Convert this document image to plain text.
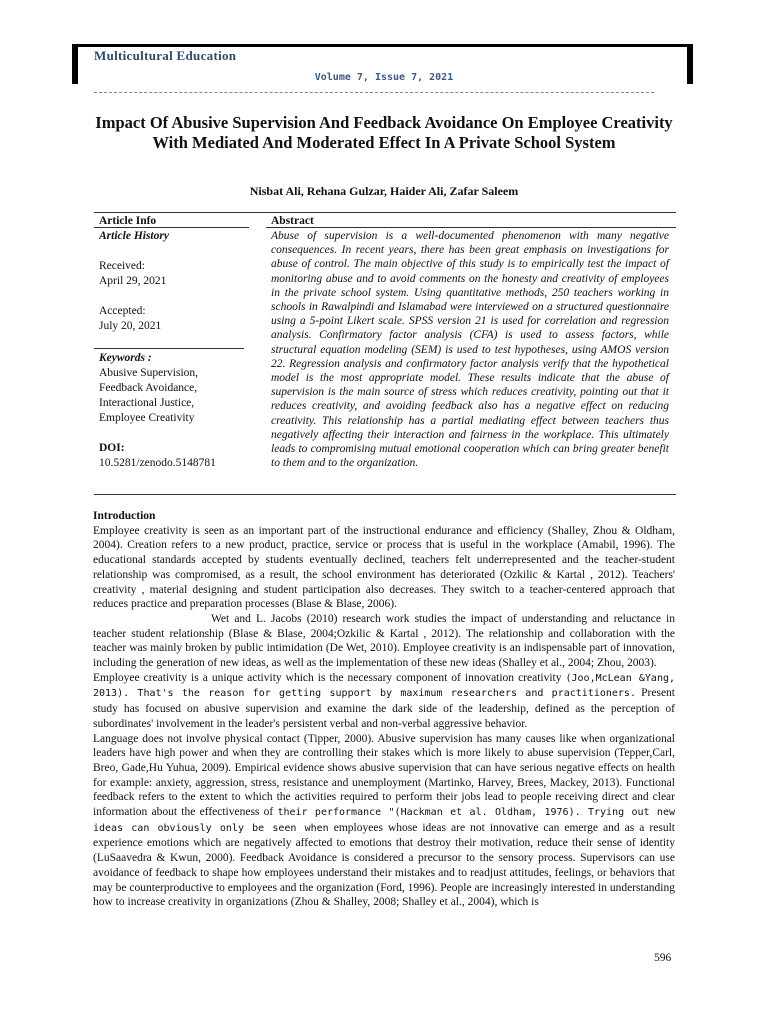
Multicultural Education
Volume 7, Issue 7, 2021
Impact Of Abusive Supervision And Feedback Avoidance On Employee Creativity With Mediated And Moderated Effect In A Private School System
Nisbat Ali, Rehana Gulzar, Haider Ali, Zafar Saleem
Article Info
Article History
Received:
April 29, 2021
Accepted:
July 20, 2021
Keywords :
Abusive Supervision,
Feedback Avoidance,
Interactional Justice,
Employee Creativity
DOI:
10.5281/zenodo.5148781
Abstract
Abuse of supervision is a well-documented phenomenon with many negative consequences. In recent years, there has been great emphasis on investigations for abuse of control. The main objective of this study is to empirically test the impact of monitoring abuse and to avoid comments on the honesty and creativity of employees in the private school system. Using quantitative methods, 250 teachers working in schools in Rawalpindi and Islamabad were interviewed on a structured questionnaire using a 5-point Likert scale. SPSS version 21 is used for correlation and regression analysis. Confirmatory factor analysis (CFA) is used to assess factors, while structural equation modeling (SEM) is used to test hypotheses, using AMOS version 22. Regression analysis and confirmatory factor analysis verify that the hypothetical model is the most appropriate model. These results indicate that the abuse of supervision is the main source of stress which reduces creativity, pointing out that it reduces creativity, and avoiding feedback also has a negative effect on reducing creativity. This relationship has a partial mediating effect between teachers thus negatively affecting their interaction and fairness in the workplace. This ultimately leads to compromising mutual emotional cooperation which can bring greater benefit to them and to the organization.

Introduction

Employee creativity is seen as an important part of the instructional endurance and efficiency (Shalley, Zhou & Oldham, 2004). Creation refers to a new product, practice, service or process that is useful in the workplace (Amabil, 1996). The educational standards accepted by students eventually declined, teachers felt underrepresented and the teacher-student relationship was compromised, as a result, the school environment has deteriorated (Ozkilic & Kartal , 2012). Teachers' creativity , material designing and student participation also decreases. They switch to a teacher-centered approach that reduces practice and preparation processes (Blase & Blase, 2006).

Wet and L. Jacobs (2010) research work studies the impact of understanding and reluctance in teacher student relationship (Blase & Blase, 2004;Ozkilic & Kartal , 2012). The relationship and collaboration with the teacher was mainly broken by public intimidation (De Wet, 2010). Employee creativity is an indispensable part of innovation, including the generation of new ideas, as well as the implementation of these new ideas (Shalley et al., 2004; Zhou, 2003).

Employee creativity is a unique activity which is the necessary component of innovation creativity (Joo,McLean &Yang, 2013). That's the reason for getting support by maximum researchers and practitioners. Present study has focused on abusive supervision and examine the dark side of the leadership, defined as the perception of subordinates' involvement in the leader's persistent verbal and non-verbal aggressive behavior.

Language does not involve physical contact (Tipper, 2000). Abusive supervision has many causes like when organizational leaders have high power and when they are controlling their stakes which is more likely to abuse supervision (Tepper,Carl, Breo, Gade,Hu Yuhua, 2009). Empirical evidence shows abusive supervision that can have serious negative effects on health for example: anxiety, aggression, stress, resistance and unemployment (Martinko, Harvey, Brees, Mackey, 2013). Functional feedback refers to the extent to which the activities required to perform their jobs lead to people receiving direct and clear information about the effectiveness of their performance "(Hackman et al. Oldham, 1976). Trying out new ideas can obviously only be seen when employees whose ideas are not innovative can emerge and as a result experience emotions which are negatively affected to emotions that destroy their motivation, reduce their sense of identity (LuSaavedra & Kwun, 2000). Feedback Avoidance is considered a precursor to the sensory process. Supervisors can use avoidance of feedback to shape how employees understand their mistakes and to readjust attitudes, feelings, or behaviors that may be counterproductive to employees and the organization (Ford, 1996). People are increasingly interested in understanding how to increase creativity in organizations (Zhou & Shalley, 2008; Shalley et al., 2004), which is

596
